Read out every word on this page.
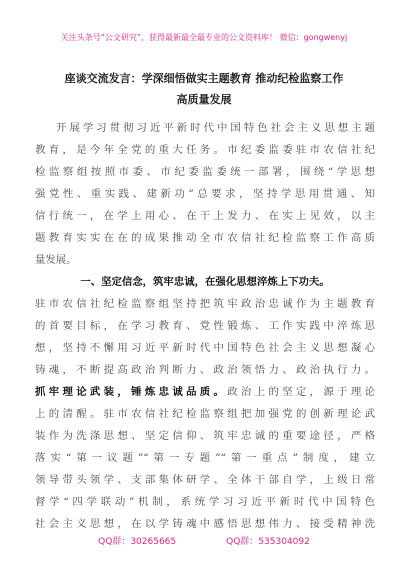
关注头条号“公文研究”，获得最新最全最专业的公文资料库！ 微信：gongwenyj
座谈交流发言：学深细悟做实主题教育 推动纪检监察工作
高质量发展
开展学习贯彻习近平新时代中国特色社会主义思想主题
教育，是今年全党的重大任务。市纪委监委驻市农信社纪
检监察组按照市委、市纪委监委统一部署，围绕“学思想
强党性、重实践、建新功”总要求，坚持学思用贯通、知
信行统一，在学上用心、在干上发力、在实上见效，以主
题教育实实在在的成果推动全市农信社纪检监察工作高质
量发展。
一、坚定信念，筑牢忠诚，在强化思想淬炼上下功夫。
驻市农信社纪检监察组坚持把筑牢政治忠诚作为主题教育
的首要目标，在学习教育、党性锻炼、工作实践中淬炼思
想，坚持不懈用习近平新时代中国特色社会主义思想凝心
铸魂，不断提高政治判断力、政治领悟力、政治执行力。
抓牢理论武装，锤炼忠诚品质。政治上的坚定，源于理论
上的清醒。驻市农信社纪检监察组把加强党的创新理论武
装作为洗涤思想、坚定信仰、筑牢忠诚的重要途径，严格
落实“第一议题”“第一专题”“第一重点”制度，建立
领导带头领学、支部集体研学、全体干部自学，上级日常
督学“四学联动”机制，系统学习习近平新时代中国特色
社会主义思想，在以学铸魂中感悟思想伟力、接受精神洗
QQ群：30265665	QQ群：535304092
